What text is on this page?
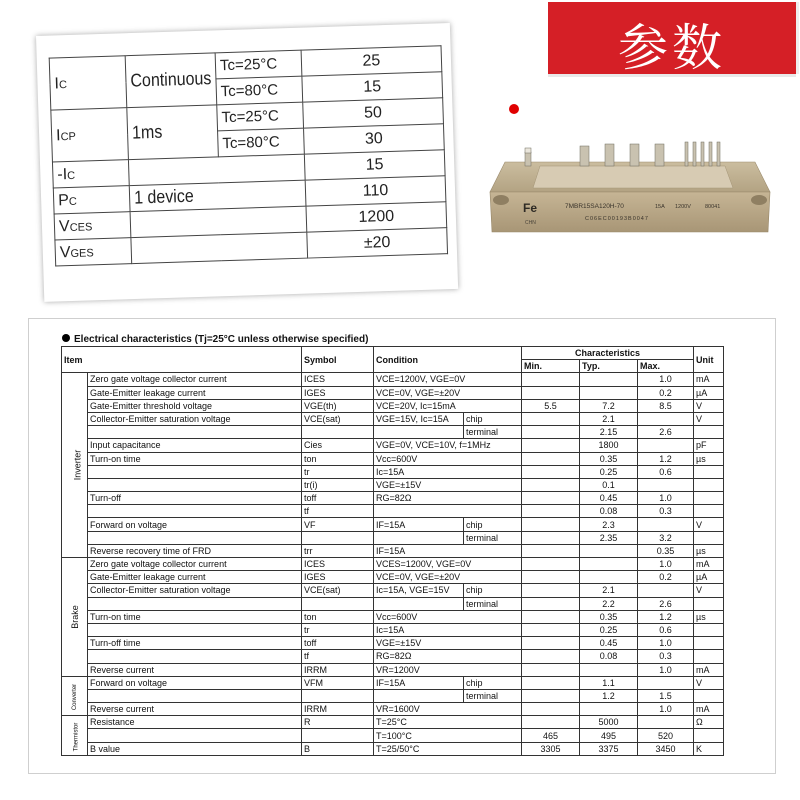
参数
IC	Continuous	Tc=25°C	25
		Tc=80°C	15
ICP	1ms	Tc=25°C	50
		Tc=80°C	30
-IC			15
PC	1 device		110
VCES			1200
VGES			±20
Fe
CHN
7MBR15SA120H-70	15A 1200V	80041
C06EC00193B0047
Electrical characteristics (Tj=25°C unless otherwise specified)
Item		Symbol	Condition		Characteristics			Unit
					Min.	Typ.	Max.	
Inverter	Zero gate voltage collector current	ICES	VCE=1200V, VGE=0V				1.0	mA
	Gate-Emitter leakage current	IGES	VCE=0V, VGE=±20V				0.2	µA
	Gate-Emitter threshold voltage	VGE(th)	VCE=20V, Ic=15mA		5.5	7.2	8.5	V
	Collector-Emitter saturation voltage	VCE(sat)	VGE=15V, Ic=15A	chip		2.1		V
				terminal		2.15	2.6	
	Input capacitance	Cies	VGE=0V, VCE=10V, f=1MHz			1800		pF
	Turn-on time	ton	Vcc=600V			0.35	1.2	µs
		tr	Ic=15A			0.25	0.6	
		tr(i)	VGE=±15V			0.1		
	Turn-off	toff	RG=82Ω			0.45	1.0	
		tf				0.08	0.3	
	Forward on voltage	VF	IF=15A	chip		2.3		V
				terminal		2.35	3.2	
	Reverse recovery time of FRD	trr	IF=15A				0.35	µs
Brake	Zero gate voltage collector current	ICES	VCES=1200V, VGE=0V				1.0	mA
	Gate-Emitter leakage current	IGES	VCE=0V, VGE=±20V				0.2	µA
	Collector-Emitter saturation voltage	VCE(sat)	Ic=15A, VGE=15V	chip		2.1		V
				terminal		2.2	2.6	
	Turn-on time	ton	Vcc=600V			0.35	1.2	µs
		tr	Ic=15A			0.25	0.6	
	Turn-off time	toff	VGE=±15V			0.45	1.0	
		tf	RG=82Ω			0.08	0.3	
	Reverse current	IRRM	VR=1200V				1.0	mA
Converter	Forward on voltage	VFM	IF=15A	chip		1.1		V
				terminal		1.2	1.5	
	Reverse current	IRRM	VR=1600V				1.0	mA
Thermistor	Resistance	R	T=25°C			5000		Ω
			T=100°C		465	495	520	
	B value	B	T=25/50°C		3305	3375	3450	K
